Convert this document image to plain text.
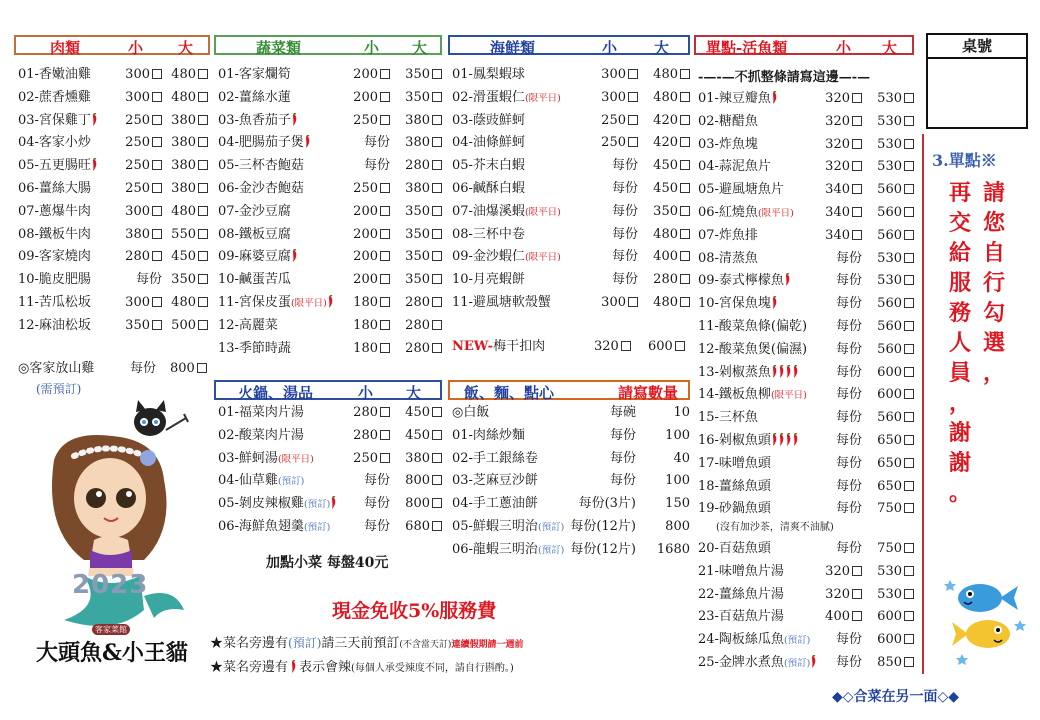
肉類	小 大	蔬菜類	小 大	海鮮類	小 大 單點-活魚類	小 大	桌號
01-香嫩油雞	300	480
02-蔗香燻雞	300	480
03-宮保雞丁	250	380
04-客家小炒	250	380
05-五更腸旺	250	380
06-薑絲大腸	250	380
07-蔥爆牛肉	300	480
08-鐵板牛肉	380	550
09-客家燒肉	280	450
10-脆皮肥腸	每份 350
11-苦瓜松坂	300	480
12-麻油松坂	350	500
◎客家放山雞	每份 800
(需預訂)
01-客家爛筍	200	350
02-薑絲水蓮	200	350
03-魚香茄子	250	380
04-肥腸茄子煲	每份 380
05-三杯杏鮑菇	每份 280
06-金沙杏鮑菇	250	380
07-金沙豆腐	200	350
08-鐵板豆腐	200	350
09-麻婆豆腐	200	350
10-鹹蛋苦瓜	200	350
11-宮保皮蛋(限平日)	180	280
12-高麗菜	180	280
13-季節時蔬	180	280
01-鳳梨蝦球	300	480
02-滑蛋蝦仁(限平日)	300	480
03-蔭豉鮮蚵	250	420
04-油條鮮蚵	250	420
05-芥末白蝦	每份 450
06-鹹酥白蝦	每份 450
07-油爆溪蝦(限平日)	每份 350
08-三杯中卷	每份 480
09-金沙蝦仁(限平日)	每份 400
10-月亮蝦餅	每份 280
11-避風塘軟殼蟹	300	480
NEW-梅干扣肉	320	600
-—-—不抓整條請寫這邊—-—
01-辣豆瓣魚	320	530
02-糖醋魚	320	530
03-炸魚塊	320	530
04-蒜泥魚片	320	530
05-避風塘魚片	340	560
06-紅燒魚(限平日) 340	560
07-炸魚排	340	560
08-清蒸魚	每份 530
09-泰式檸檬魚	每份 530
10-宮保魚塊	每份 560
11-酸菜魚條(偏乾) 每份 560
12-酸菜魚煲(偏濕) 每份 560
13-剁椒蒸魚	每份 600
14-鐵板魚柳(限平日) 每份 600
15-三杯魚	每份 560
16-剁椒魚頭	每份 650
17-味噌魚頭	每份 650
18-薑絲魚頭	每份 650
19-砂鍋魚頭	每份 750
(沒有加沙茶，清爽不油膩)
20-百菇魚頭	每份 750
21-味噌魚片湯	320	530
22-薑絲魚片湯	320	530
23-百菇魚片湯	400	600
24-陶板絲瓜魚(預訂) 每份 600
25-金牌水煮魚(預訂)	每份 850
火鍋、湯品	小 大
01-福菜肉片湯	280	450
02-酸菜肉片湯	280	450
03-鮮蚵湯(限平日)	250	380
04-仙草雞(預訂)	每份 800
05-剝皮辣椒雞(預訂)	每份 800
06-海鮮魚翅羹(預訂)	每份 680
飯、麵、點心	請寫數量
◎白飯	每碗	10
01-肉絲炒麵	每份 100
02-手工銀絲卷	每份	40
03-芝麻豆沙餅	每份 100
04-手工蔥油餅	每份(3片) 150
05-鮮蝦三明治(預訂) 每份(12片) 800
06-龍蝦三明治(預訂) 每份(12片) 1680
加點小菜 每盤40元
現金免收5%服務費
★菜名旁邊有(預訂)請三天前預訂(不含當天訂)連續假期請一週前
★菜名旁邊有 表示會辣(每個人承受辣度不同，請自行斟酌。)
3.單點※
再
交
給
服
務
人
員
，
謝
謝
。
請
您
自
行
勾
選
，
2023
客家菜館
大頭魚&小王貓
◆◇合菜在另一面◇◆
